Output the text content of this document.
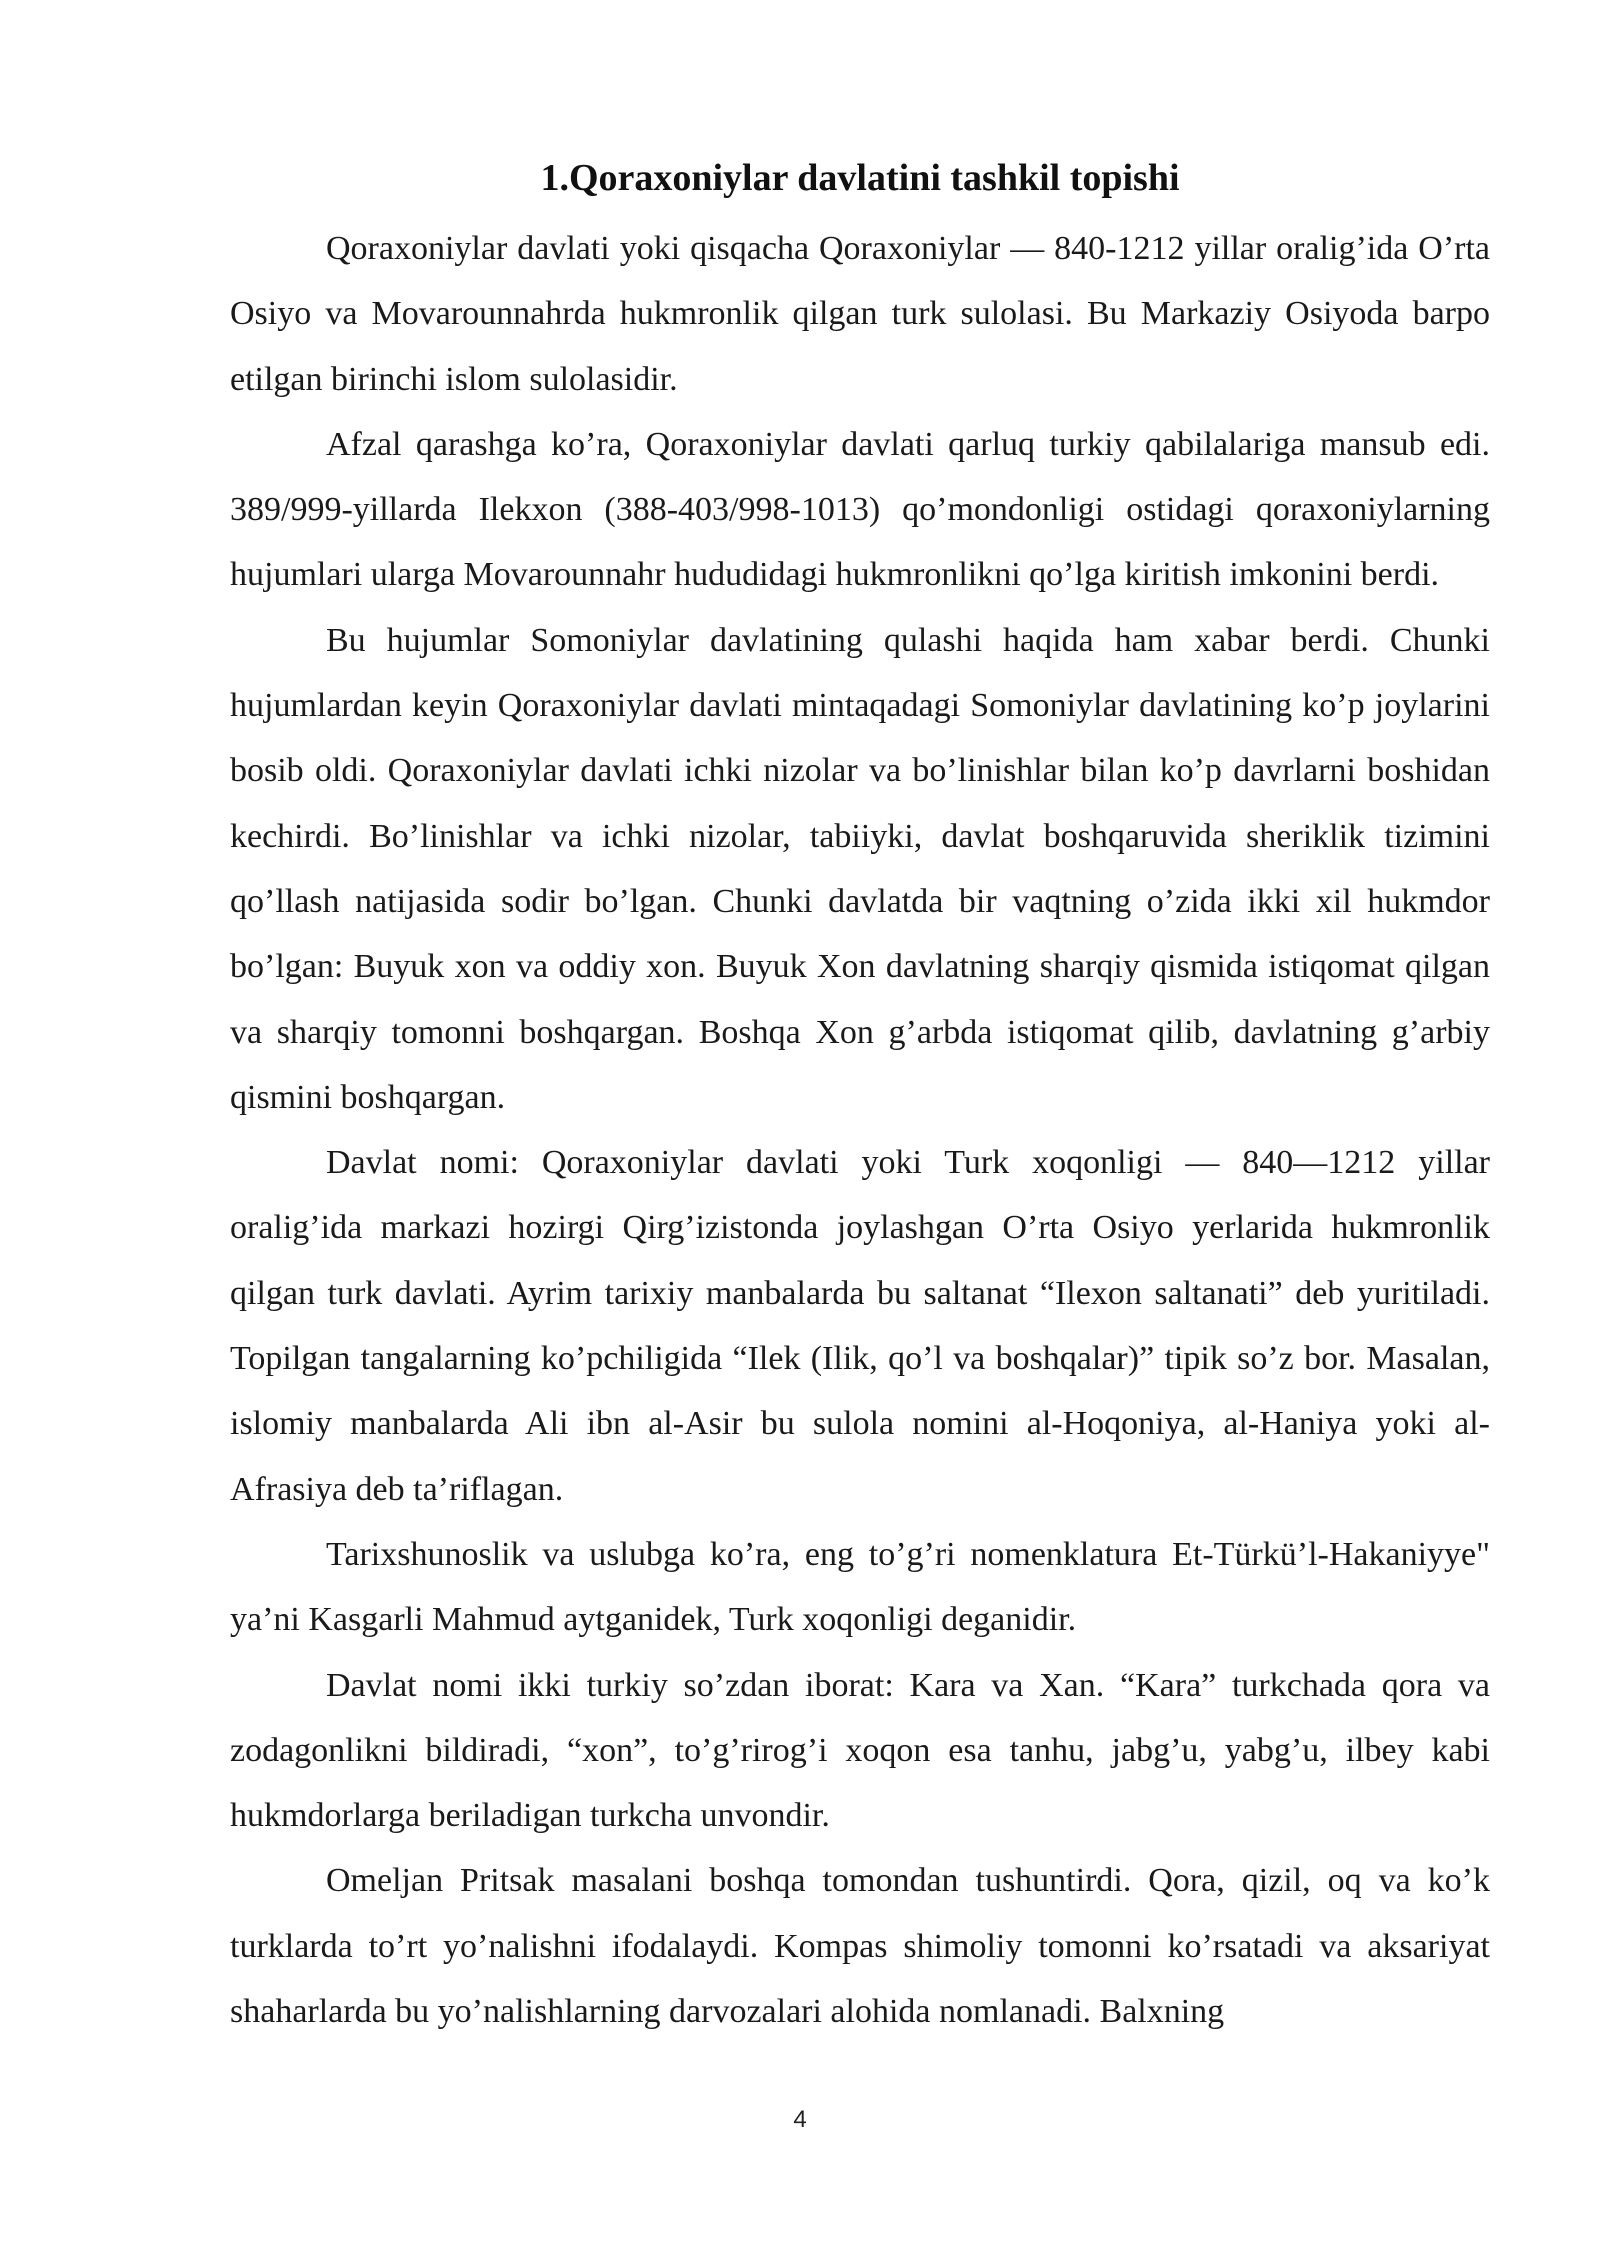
1.Qoraxoniylar davlatini tashkil topishi

Qoraxoniylar davlati yoki qisqacha Qoraxoniylar — 840-1212 yillar oralig’ida O’rta Osiyo va Movarounnahrda hukmronlik qilgan turk sulolasi. Bu Markaziy Osiyoda barpo etilgan birinchi islom sulolasidir.

Afzal qarashga ko’ra, Qoraxoniylar davlati qarluq turkiy qabilalariga mansub edi. 389/999-yillarda Ilekxon (388-403/998-1013) qo’mondonligi ostidagi qoraxoniylarning hujumlari ularga Movarounnahr hududidagi hukmronlikni qo’lga kiritish imkonini berdi.

Bu hujumlar Somoniylar davlatining qulashi haqida ham xabar berdi. Chunki hujumlardan keyin Qoraxoniylar davlati mintaqadagi Somoniylar davlatining ko’p joylarini bosib oldi. Qoraxoniylar davlati ichki nizolar va bo’linishlar bilan ko’p davrlarni boshidan kechirdi. Bo’linishlar va ichki nizolar, tabiiyki, davlat boshqaruvida sheriklik tizimini qo’llash natijasida sodir bo’lgan. Chunki davlatda bir vaqtning o’zida ikki xil hukmdor bo’lgan: Buyuk xon va oddiy xon. Buyuk Xon davlatning sharqiy qismida istiqomat qilgan va sharqiy tomonni boshqargan. Boshqa Xon g’arbda istiqomat qilib, davlatning g’arbiy qismini boshqargan.

Davlat nomi: Qoraxoniylar davlati yoki Turk xoqonligi — 840—1212 yillar oralig’ida markazi hozirgi Qirg’izistonda joylashgan O’rta Osiyo yerlarida hukmronlik qilgan turk davlati. Ayrim tarixiy manbalarda bu saltanat “Ilexon saltanati” deb yuritiladi. Topilgan tangalarning ko’pchiligida “Ilek (Ilik, qo’l va boshqalar)” tipik so’z bor. Masalan, islomiy manbalarda Ali ibn al-Asir bu sulola nomini al-Hoqoniya, al-Haniya yoki al-Afrasiya deb ta’riflagan.

Tarixshunoslik va uslubga ko’ra, eng to’g’ri nomenklatura Et-Türkü’l-Hakaniyye" ya’ni Kasgarli Mahmud aytganidek, Turk xoqonligi deganidir.

Davlat nomi ikki turkiy so’zdan iborat: Kara va Xan. “Kara” turkchada qora va zodagonlikni bildiradi, “xon”, to’g’rirog’i xoqon esa tanhu, jabg’u, yabg’u, ilbey kabi hukmdorlarga beriladigan turkcha unvondir.

Omeljan Pritsak masalani boshqa tomondan tushuntirdi. Qora, qizil, oq va ko’k turklarda to’rt yo’nalishni ifodalaydi. Kompas shimoliy tomonni ko’rsatadi va aksariyat shaharlarda bu yo’nalishlarning darvozalari alohida nomlanadi. Balxning

4
